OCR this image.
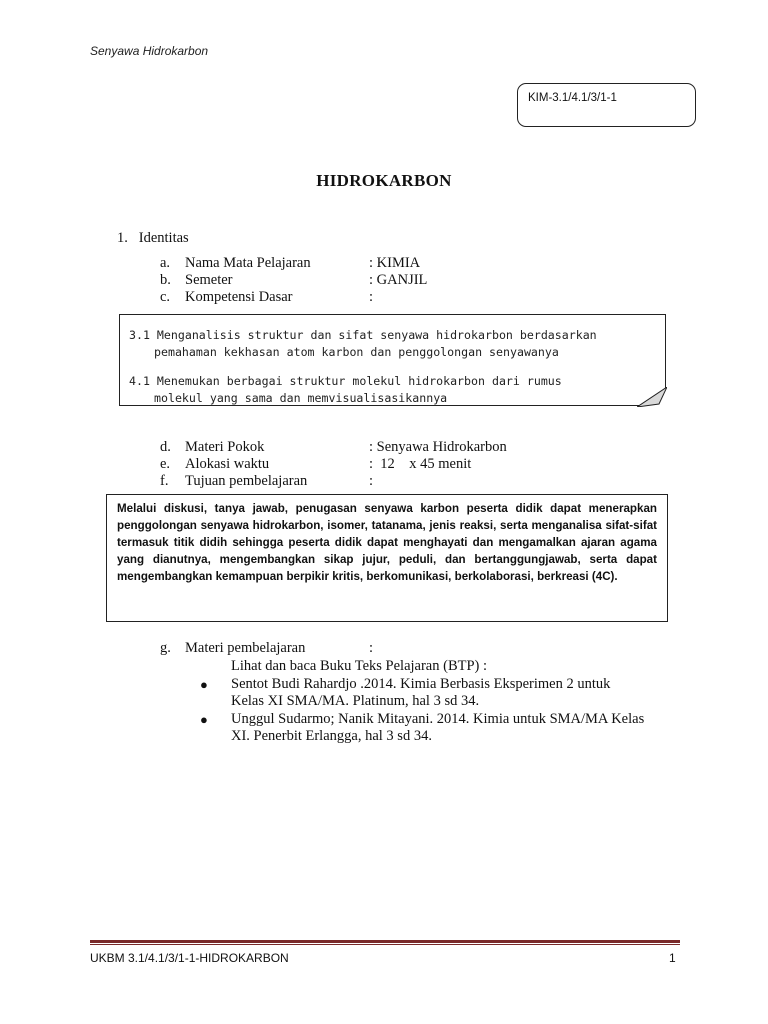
Senyawa Hidrokarbon
KIM-3.1/4.1/3/1-1
HIDROKARBON
1.   Identitas
a. Nama Mata Pelajaran	: KIMIA
b. Semeter	: GANJIL
c. Kompetensi Dasar	:
3.1 Menganalisis struktur dan sifat senyawa hidrokarbon berdasarkan
pemahaman kekhasan atom karbon dan penggolongan senyawanya
4.1 Menemukan berbagai struktur molekul hidrokarbon dari rumus
molekul yang sama dan memvisualisasikannya
d. Materi Pokok	: Senyawa Hidrokarbon
e. Alokasi waktu	:  12    x 45 menit
f. Tujuan pembelajaran	:
Melalui diskusi, tanya jawab, penugasan senyawa karbon peserta didik dapat menerapkan penggolongan senyawa hidrokarbon, isomer, tatanama, jenis reaksi, serta menganalisa sifat-sifat termasuk titik didih sehingga peserta didik dapat menghayati dan mengamalkan ajaran agama yang dianutnya, mengembangkan sikap jujur, peduli, dan bertanggungjawab, serta dapat mengembangkan kemampuan berpikir kritis, berkomunikasi, berkolaborasi, berkreasi (4C).
g. Materi pembelajaran	:
Lihat dan baca Buku Teks Pelajaran (BTP) :
●	Sentot Budi Rahardjo .2014. Kimia Berbasis Eksperimen 2 untuk
Kelas XI SMA/MA. Platinum, hal 3 sd 34.
●	Unggul Sudarmo; Nanik Mitayani. 2014. Kimia untuk SMA/MA Kelas
XI. Penerbit Erlangga, hal 3 sd 34.
UKBM 3.1/4.1/3/1-1-HIDROKARBON	1
